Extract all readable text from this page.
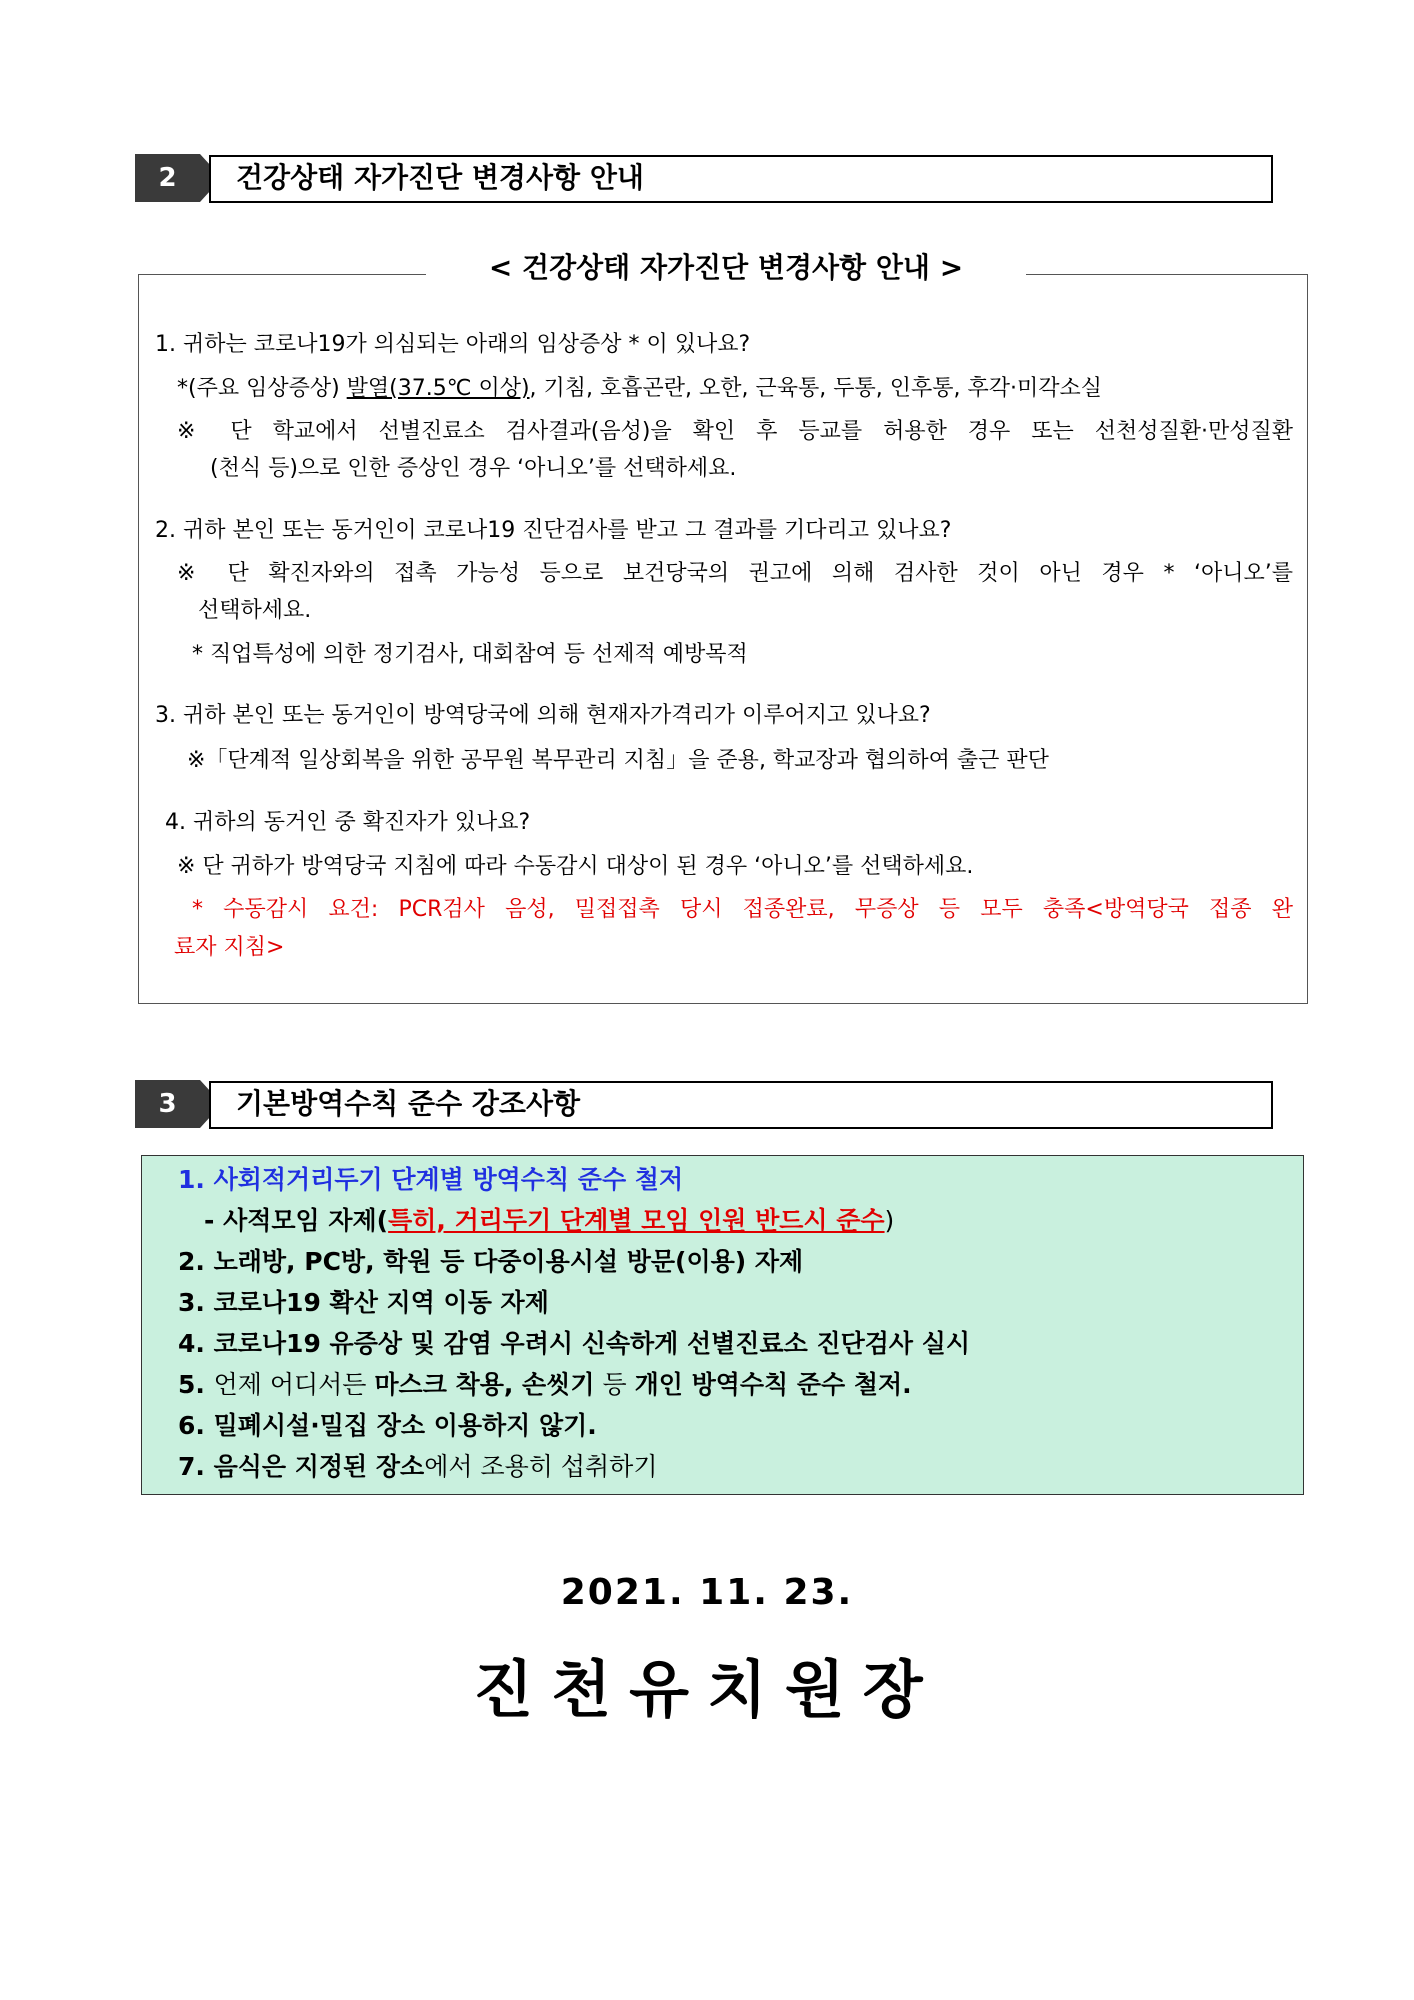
2	건강상태 자가진단 변경사항 안내
< 건강상태 자가진단 변경사항 안내 >
1. 귀하는 코로나19가 의심되는 아래의 임상증상 * 이 있나요?
*(주요 임상증상) 발열(37.5℃ 이상), 기침, 호흡곤란, 오한, 근육통, 두통, 인후통, 후각·미각소실
※ 단 학교에서 선별진료소 검사결과(음성)을 확인 후 등교를 허용한 경우 또는 선천성질환·만성질환
(천식 등)으로 인한 증상인 경우 ‘아니오’를 선택하세요.
2. 귀하 본인 또는 동거인이 코로나19 진단검사를 받고 그 결과를 기다리고 있나요?
※ 단 확진자와의 접촉 가능성 등으로 보건당국의 권고에 의해 검사한 것이 아닌 경우 * ‘아니오’를
선택하세요.
* 직업특성에 의한 정기검사, 대회참여 등 선제적 예방목적
3. 귀하 본인 또는 동거인이 방역당국에 의해 현재자가격리가 이루어지고 있나요?
※「단계적 일상회복을 위한 공무원 복무관리 지침」을 준용, 학교장과 협의하여 출근 판단
4. 귀하의 동거인 중 확진자가 있나요?
※ 단 귀하가 방역당국 지침에 따라 수동감시 대상이 된 경우 ‘아니오’를 선택하세요.
* 수동감시 요건: PCR검사 음성, 밀접접촉 당시 접종완료, 무증상 등 모두 충족<방역당국 접종 완
료자 지침>
3	기본방역수칙 준수 강조사항
1. 사회적거리두기 단계별 방역수칙 준수 철저
- 사적모임 자제(특히, 거리두기 단계별 모임 인원 반드시 준수)
2. 노래방, PC방, 학원 등 다중이용시설 방문(이용) 자제
3. 코로나19 확산 지역 이동 자제
4. 코로나19 유증상 및 감염 우려시 신속하게 선별진료소 진단검사 실시
5. 언제 어디서든 마스크 착용, 손씻기 등 개인 방역수칙 준수 철저.
6. 밀폐시설·밀집 장소 이용하지 않기.
7. 음식은 지정된 장소에서 조용히 섭취하기
2021. 11. 23.
진천유치원장
